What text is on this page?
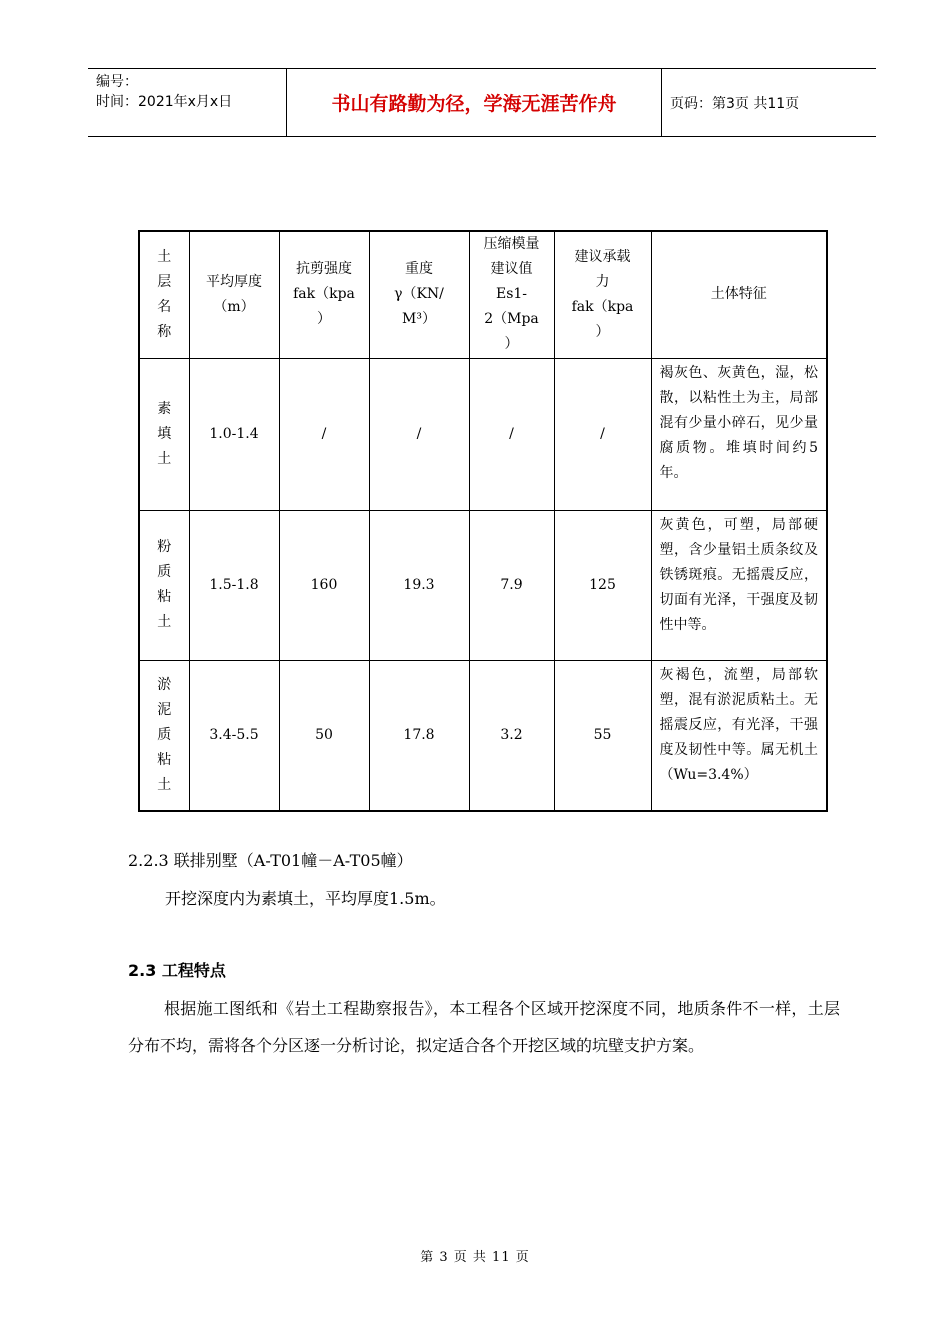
编号：
时间：2021年x月x日	书山有路勤为径，学海无涯苦作舟	页码：第3页 共11页
土
层
名
称	平均厚度
（m）	抗剪强度
fak（kpa
）	重度
γ（KN/
M³）	压缩模量
建议值
Es1-
2（Mpa
）	建议承载
力
fak（kpa
）	土体特征

素
填
土	1.0-1.4	/	/	/	/	褐灰色、灰黄色，湿，松散，以粘性土为主，局部混有少量小碎石，见少量腐质物。堆填时间约5年。

粉
质
粘
土	1.5-1.8	160	19.3	7.9	125	灰黄色，可塑，局部硬塑，含少量铝土质条纹及铁锈斑痕。无摇震反应，切面有光泽，干强度及韧性中等。

淤
泥
质
粘
土	3.4-5.5	50	17.8	3.2	55	灰褐色，流塑，局部软塑，混有淤泥质粘土。无摇震反应，有光泽，干强度及韧性中等。属无机土（Wu=3.4%）
2.2.3 联排别墅（A-T01幢－A-T05幢）
开挖深度内为素填土，平均厚度1.5m。
2.3 工程特点
根据施工图纸和《岩土工程勘察报告》，本工程各个区域开挖深度不同，地质条件不一样，土层分布不均，需将各个分区逐一分析讨论，拟定适合各个开挖区域的坑壁支护方案。
第 3 页 共 11 页
